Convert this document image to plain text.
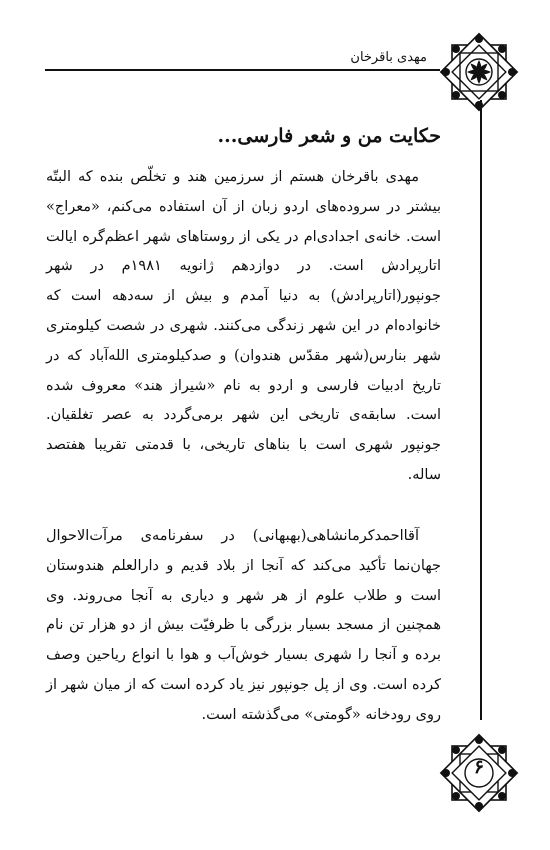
مهدی باقرخان
حکایت من و شعر فارسی...

مهدی باقرخان هستم از سرزمین هند و تخلّص بنده که البتّه بیشتر در سروده‌های اردو زبان از آن استفاده می‌کنم، «معراج» است. خانه‌ی اجدادی‌ام در یکی از روستاهای شهر اعظم‌گره ایالت اتارپرادش است. در دوازدهم ژانویه ۱۹۸۱م در شهر جونپور(اتارپرادش) به دنیا آمدم و بیش از سه‌دهه است که خانواده‌ام در این شهر زندگی می‌کنند. شهری در شصت کیلومتری شهر بنارس(شهر مقدّس هندوان) و صدکیلومتری الله‌آباد که در تاریخ ادبیات فارسی و اردو به نام «شیراز هند» معروف شده است. سابقه‌ی تاریخی این شهر برمی‌گردد به عصر تغلقیان. جونپور شهری است با بناهای تاریخی، با قدمتی تقریبا هفتصد ساله.

آقااحمدکرمانشاهی(بهبهانی) در سفرنامه‌ی مرآت‌الاحوال جهان‌نما تأکید می‌کند که آنجا از بلاد قدیم و دارالعلم هندوستان است و طلاب علوم از هر شهر و دیاری به آنجا می‌روند. وی همچنین از مسجد بسیار بزرگی با ظرفیّت بیش از دو هزار تن نام برده و آنجا را شهری بسیار خوش‌آب و هوا با انواع ریاحین وصف کرده است. وی از پل جونپور نیز یاد کرده است که از میان شهر از روی رودخانه «گومتی» می‌گذشته است.

۶
